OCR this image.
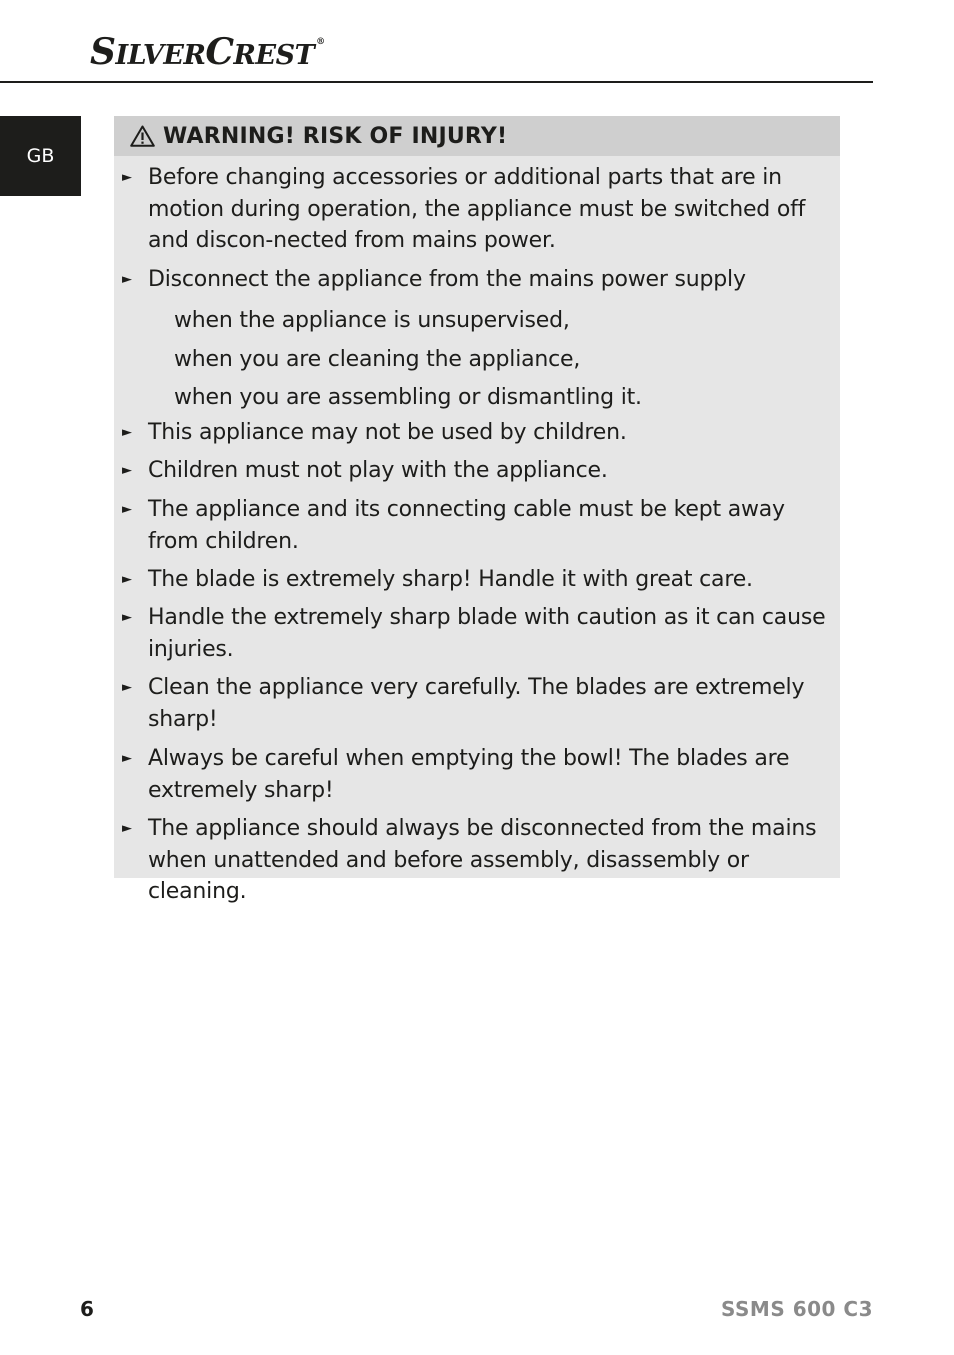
SILVERCREST ®
GB
WARNING! RISK OF INJURY!
► Before changing accessories or additional parts that are in motion during operation, the appliance must be switched off and discon-nected from mains power.
► Disconnect the appliance from the mains power supply
when the appliance is unsupervised,
when you are cleaning the appliance,
when you are assembling or dismantling it.
► This appliance may not be used by children.
► Children must not play with the appliance.
► The appliance and its connecting cable must be kept away from children.
► The blade is extremely sharp! Handle it with great care.
► Handle the extremely sharp blade with caution as it can cause injuries.
► Clean the appliance very carefully. The blades are extremely sharp!
► Always be careful when emptying the bowl! The blades are extremely sharp!
► The appliance should always be disconnected from the mains when unattended and before assembly, disassembly or cleaning.
6	SSMS 600 C3
